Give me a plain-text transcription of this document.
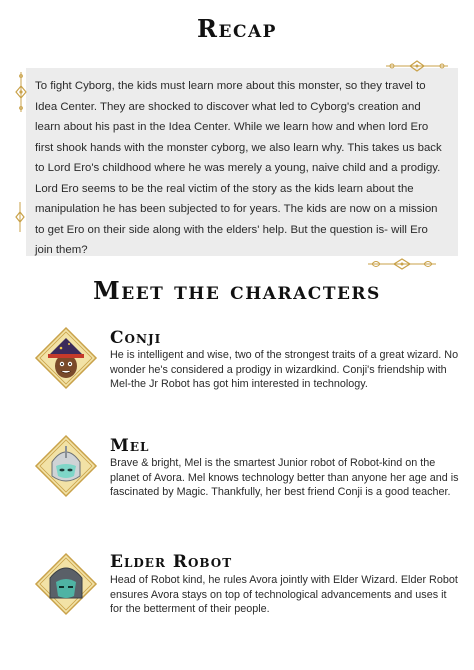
Recap

To fight Cyborg, the kids must learn more about this monster, so they travel to Idea Center. They are shocked to discover what led to Cyborg's creation and learn about his past in the Idea Center. While we learn how and when lord Ero first shook hands with the monster cyborg, we also learn why. This takes us back to Lord Ero's childhood where he was merely a young, naive child and a prodigy. Lord Ero seems to be the real victim of the story as the kids learn about the manipulation he has been subjected to for years. The kids are now on a mission to get Ero on their side along with the elders' help. But the question is- will Ero join them?

Meet the characters
Conji

He is intelligent and wise, two of the strongest traits of a great wizard. No wonder he's considered a prodigy in wizardkind. Conji's friendship with Mel-the Jr Robot has got him interested in technology.

Mel

Brave & bright, Mel is the smartest Junior robot of Robot-kind on the planet of Avora. Mel knows technology better than anyone her age and is fascinated by Magic. Thankfully, her best friend Conji is a good teacher.

Elder Robot

Head of Robot kind, he rules Avora jointly with Elder Wizard. Elder Robot ensures Avora stays on top of technological advancements and uses it for the betterment of their people.
